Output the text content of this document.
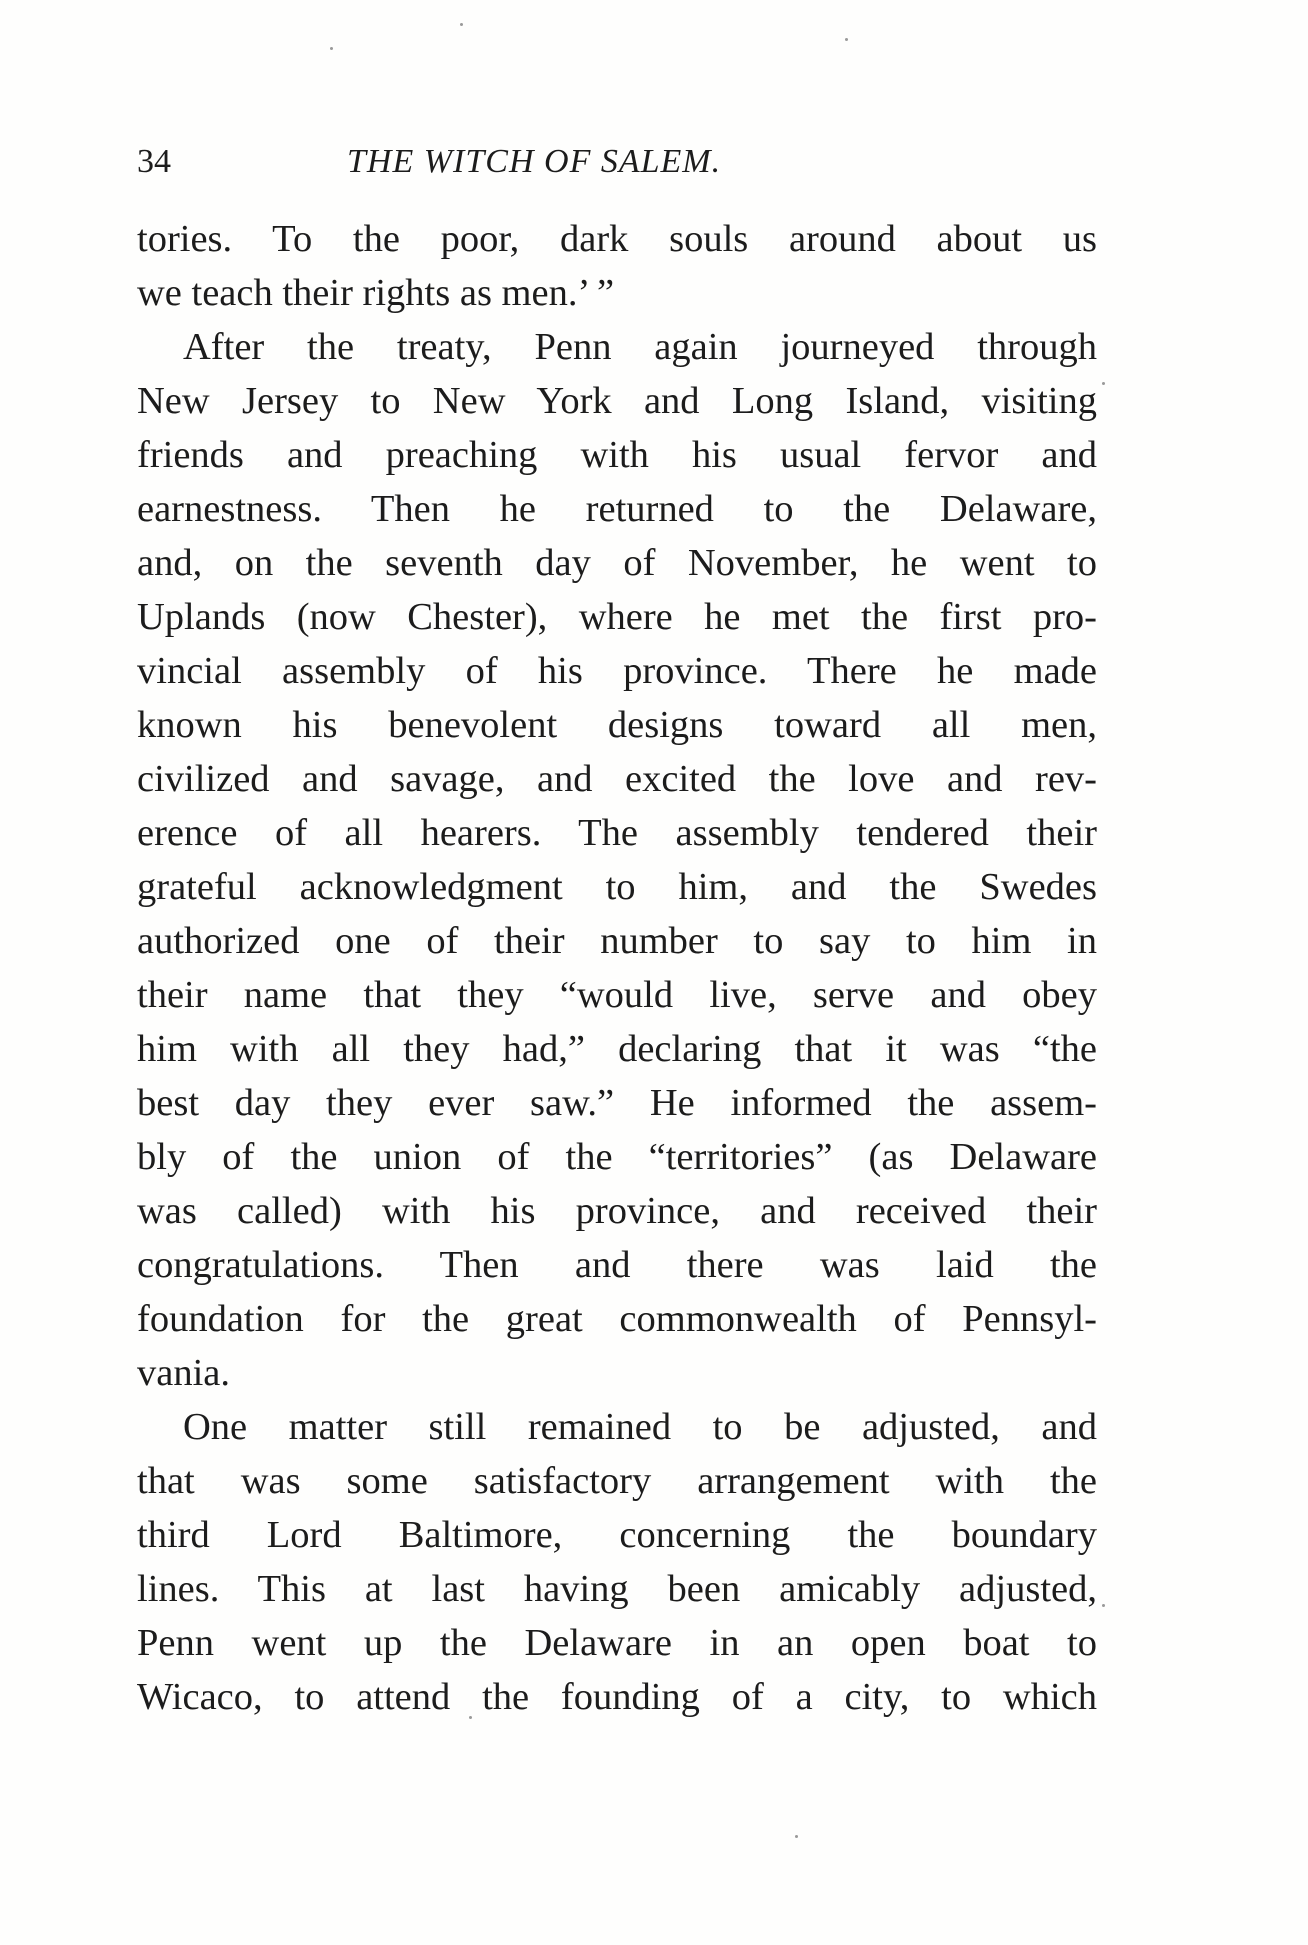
34	THE WITCH OF SALEM.
tories. To the poor, dark souls around about us
we teach their rights as men.’ ”
After the treaty, Penn again journeyed through
New Jersey to New York and Long Island, visiting
friends and preaching with his usual fervor and
earnestness. Then he returned to the Delaware,
and, on the seventh day of November, he went to
Uplands (now Chester), where he met the first pro-
vincial assembly of his province. There he made
known his benevolent designs toward all men,
civilized and savage, and excited the love and rev-
erence of all hearers. The assembly tendered their
grateful acknowledgment to him, and the Swedes
authorized one of their number to say to him in
their name that they “would live, serve and obey
him with all they had,” declaring that it was “the
best day they ever saw.” He informed the assem-
bly of the union of the “territories” (as Delaware
was called) with his province, and received their
congratulations. Then and there was laid the
foundation for the great commonwealth of Pennsyl-
vania.
One matter still remained to be adjusted, and
that was some satisfactory arrangement with the
third Lord Baltimore, concerning the boundary
lines. This at last having been amicably adjusted,
Penn went up the Delaware in an open boat to
Wicaco, to attend the founding of a city, to which
